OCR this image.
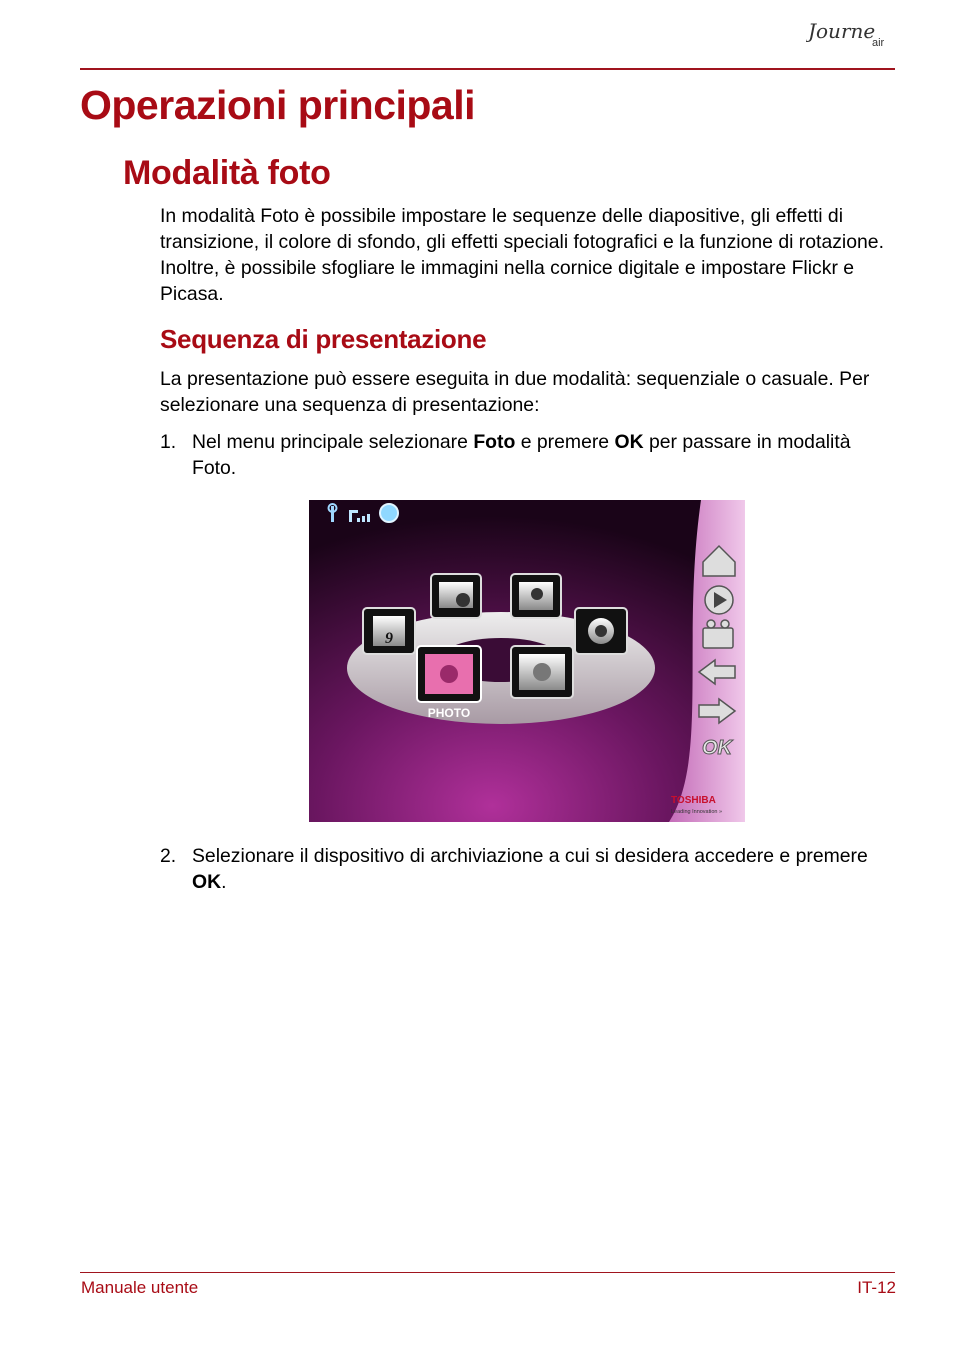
Journe
air
Operazioni principali
Modalità foto

In modalità Foto è possibile impostare le sequenze delle diapositive, gli effetti di transizione, il colore di sfondo, gli effetti speciali fotografici e la funzione di rotazione. Inoltre, è possibile sfogliare le immagini nella cornice digitale e impostare Flickr e Picasa.

Sequenza di presentazione

La presentazione può essere eseguita in due modalità: sequenziale o casuale. Per selezionare una sequenza di presentazione:

1. Nel menu principale selezionare Foto e premere OK per passare in modalità Foto.
9
PHOTO
OK
TOSHIBA
Leading Innovation »
2. Selezionare il dispositivo di archiviazione a cui si desidera accedere e premere OK.
Manuale utente	IT-12
